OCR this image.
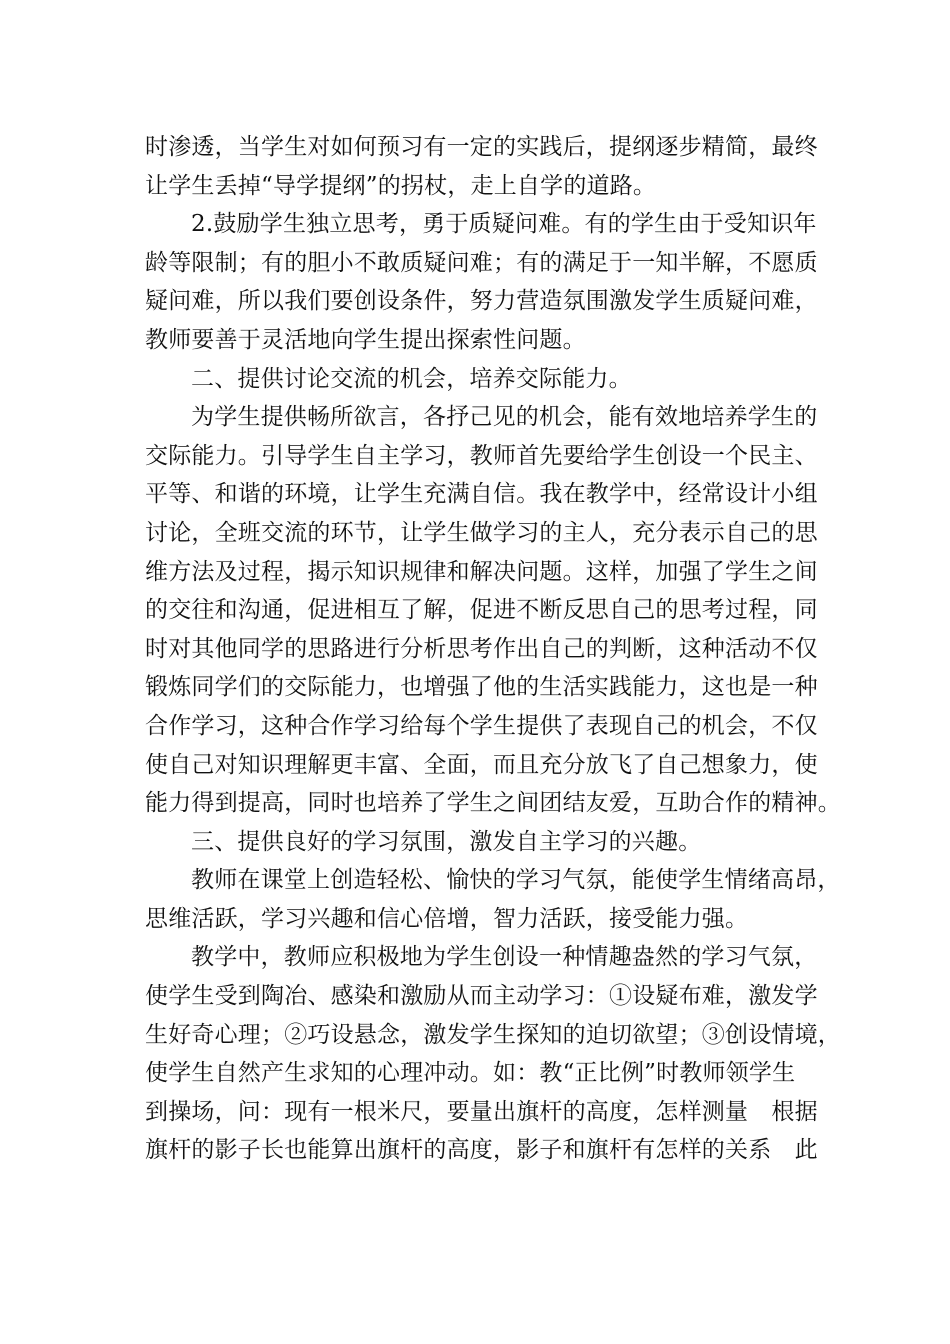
时渗透，当学生对如何预习有一定的实践后，提纲逐步精简，最终
让学生丢掉“导学提纲”的拐杖，走上自学的道路。
2.鼓励学生独立思考，勇于质疑问难。有的学生由于受知识年
龄等限制；有的胆小不敢质疑问难；有的满足于一知半解，不愿质
疑问难，所以我们要创设条件，努力营造氛围激发学生质疑问难，
教师要善于灵活地向学生提出探索性问题。
二、提供讨论交流的机会，培养交际能力。
为学生提供畅所欲言，各抒己见的机会，能有效地培养学生的
交际能力。引导学生自主学习，教师首先要给学生创设一个民主、
平等、和谐的环境，让学生充满自信。我在教学中，经常设计小组
讨论，全班交流的环节，让学生做学习的主人，充分表示自己的思
维方法及过程，揭示知识规律和解决问题。这样，加强了学生之间
的交往和沟通，促进相互了解，促进不断反思自己的思考过程，同
时对其他同学的思路进行分析思考作出自己的判断，这种活动不仅
锻炼同学们的交际能力，也增强了他的生活实践能力，这也是一种
合作学习，这种合作学习给每个学生提供了表现自己的机会，不仅
使自己对知识理解更丰富、全面，而且充分放飞了自己想象力，使
能力得到提高，同时也培养了学生之间团结友爱，互助合作的精神。
三、提供良好的学习氛围，激发自主学习的兴趣。
教师在课堂上创造轻松、愉快的学习气氛，能使学生情绪高昂，
思维活跃，学习兴趣和信心倍增，智力活跃，接受能力强。
教学中，教师应积极地为学生创设一种情趣盎然的学习气氛，
使学生受到陶冶、感染和激励从而主动学习：①设疑布难，激发学
生好奇心理；②巧设悬念，激发学生探知的迫切欲望；③创设情境，
使学生自然产生求知的心理冲动。如：教“正比例”时教师领学生
到操场，问：现有一根米尺，要量出旗杆的高度，怎样测量　根据
旗杆的影子长也能算出旗杆的高度，影子和旗杆有怎样的关系　此
